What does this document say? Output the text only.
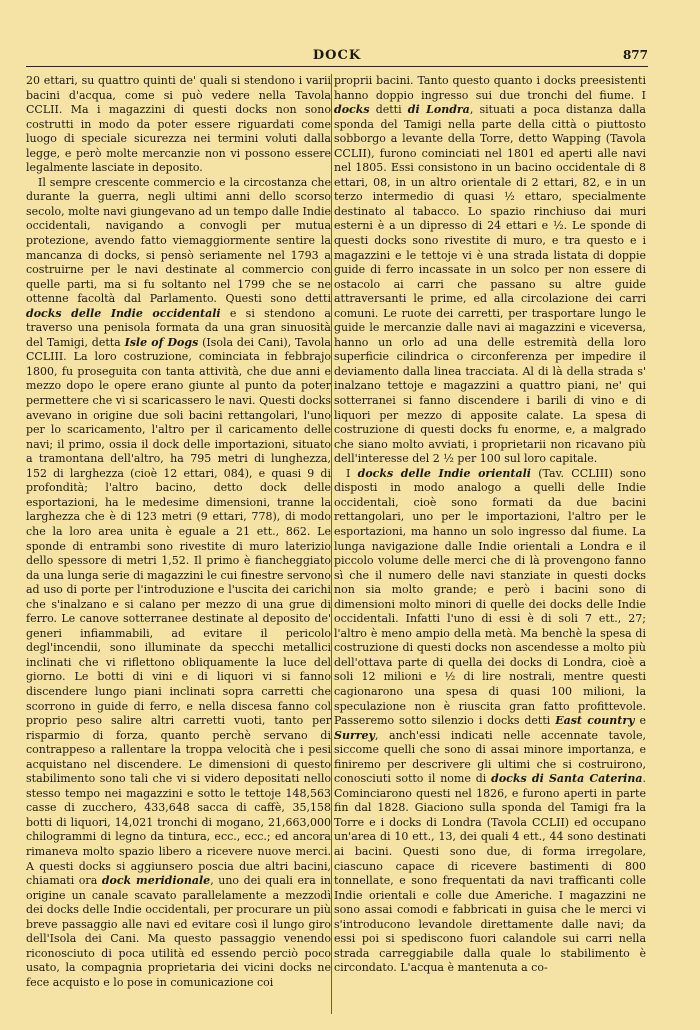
DOCK	877

20 ettari, su quattro quinti de' quali si stendono i varii bacini d'acqua, come si può vedere nella Tavola CCLII. Ma i magazzini di questi docks non sono costrutti in modo da poter essere riguardati come luogo di speciale sicurezza nei termini voluti dalla legge, e però molte mercanzie non vi possono essere legalmente lasciate in deposito.

Il sempre crescente commercio e la circostanza che durante la guerra, negli ultimi anni dello scorso secolo, molte navi giungevano ad un tempo dalle Indie occidentali, navigando a convogli per mutua protezione, avendo fatto viemaggiormente sentire la mancanza di docks, si pensò seriamente nel 1793 a costruirne per le navi destinate al commercio con quelle parti, ma si fu soltanto nel 1799 che se ne ottenne facoltà dal Parlamento. Questi sono detti docks delle Indie occidentali e si stendono a traverso una penisola formata da una gran sinuosità del Tamigi, detta Isle of Dogs (Isola dei Cani), Tavola CCLIII. La loro costruzione, cominciata in febbrajo 1800, fu proseguita con tanta attività, che due anni e mezzo dopo le opere erano giunte al punto da poter permettere che vi si scaricassero le navi. Questi docks avevano in origine due soli bacini rettangolari, l'uno per lo scaricamento, l'altro per il caricamento delle navi; il primo, ossia il dock delle importazioni, situato a tramontana dell'altro, ha 795 metri di lunghezza, 152 di larghezza (cioè 12 ettari, 084), e quasi 9 di profondità; l'altro bacino, detto dock delle esportazioni, ha le medesime dimensioni, tranne la larghezza che è di 123 metri (9 ettari, 778), di modo che la loro area unita è eguale a 21 ett., 862. Le sponde di entrambi sono rivestite di muro laterizio dello spessore di metri 1,52. Il primo è fiancheggiato da una lunga serie di magazzini le cui finestre servono ad uso di porte per l'introduzione e l'uscita dei carichi che s'inalzano e si calano per mezzo di una grue di ferro. Le canove sotterranee destinate al deposito de' generi infiammabili, ad evitare il pericolo degl'incendii, sono illuminate da specchi metallici inclinati che vi riflettono obliquamente la luce del giorno. Le botti di vini e di liquori vi si fanno discendere lungo piani inclinati sopra carretti che scorrono in guide di ferro, e nella discesa fanno col proprio peso salire altri carretti vuoti, tanto per risparmio di forza, quanto perchè servano di contrappeso a rallentare la troppa velocità che i pesi acquistano nel discendere. Le dimensioni di questo stabilimento sono tali che vi si videro depositati nello stesso tempo nei magazzini e sotto le tettoje 148,563 casse di zucchero, 433,648 sacca di caffè, 35,158 botti di liquori, 14,021 tronchi di mogano, 21,663,000 chilogrammi di legno da tintura, ecc., ecc.; ed ancora rimaneva molto spazio libero a ricevere nuove merci. A questi docks si aggiunsero poscia due altri bacini, chiamati ora dock meridionale, uno dei quali era in origine un canale scavato parallelamente a mezzodì dei docks delle Indie occidentali, per procurare un più breve passaggio alle navi ed evitare così il lungo giro dell'Isola dei Cani. Ma questo passaggio venendo riconosciuto di poca utilità ed essendo perciò poco usato, la compagnia proprietaria dei vicini docks ne fece acquisto e lo pose in comunicazione coi

proprii bacini. Tanto questo quanto i docks preesistenti hanno doppio ingresso sui due tronchi del fiume. I docks detti di Londra, situati a poca distanza dalla sponda del Tamigi nella parte della città o piuttosto sobborgo a levante della Torre, detto Wapping (Tavola CCLII), furono cominciati nel 1801 ed aperti alle navi nel 1805. Essi consistono in un bacino occidentale di 8 ettari, 08, in un altro orientale di 2 ettari, 82, e in un terzo intermedio di quasi ½ ettaro, specialmente destinato al tabacco. Lo spazio rinchiuso dai muri esterni è a un dipresso di 24 ettari e ½. Le sponde di questi docks sono rivestite di muro, e tra questo e i magazzini e le tettoje vi è una strada listata di doppie guide di ferro incassate in un solco per non essere di ostacolo ai carri che passano su altre guide attraversanti le prime, ed alla circolazione dei carri comuni. Le ruote dei carretti, per trasportare lungo le guide le mercanzie dalle navi ai magazzini e viceversa, hanno un orlo ad una delle estremità della loro superficie cilindrica o circonferenza per impedire il deviamento dalla linea tracciata. Al di là della strada s' inalzano tettoje e magazzini a quattro piani, ne' qui sotterranei si fanno discendere i barili di vino e di liquori per mezzo di apposite calate. La spesa di costruzione di questi docks fu enorme, e, a malgrado che siano molto avviati, i proprietarii non ricavano più dell'interesse del 2 ½ per 100 sul loro capitale.

I docks delle Indie orientali (Tav. CCLIII) sono disposti in modo analogo a quelli delle Indie occidentali, cioè sono formati da due bacini rettangolari, uno per le importazioni, l'altro per le esportazioni, ma hanno un solo ingresso dal fiume. La lunga navigazione dalle Indie orientali a Londra e il piccolo volume delle merci che di là provengono fanno sì che il numero delle navi stanziate in questi docks non sia molto grande; e però i bacini sono di dimensioni molto minori di quelle dei docks delle Indie occidentali. Infatti l'uno di essi è di soli 7 ett., 27; l'altro è meno ampio della metà. Ma benchè la spesa di costruzione di questi docks non ascendesse a molto più dell'ottava parte di quella dei docks di Londra, cioè a soli 12 milioni e ½ di lire nostrali, mentre questi cagionarono una spesa di quasi 100 milioni, la speculazione non è riuscita gran fatto profittevole. Passeremo sotto silenzio i docks detti East country e Surrey, anch'essi indicati nelle accennate tavole, siccome quelli che sono di assai minore importanza, e finiremo per descrivere gli ultimi che si costruirono, conosciuti sotto il nome di docks di Santa Caterina. Cominciarono questi nel 1826, e furono aperti in parte fin dal 1828. Giaciono sulla sponda del Tamigi fra la Torre e i docks di Londra (Tavola CCLII) ed occupano un'area di 10 ett., 13, dei quali 4 ett., 44 sono destinati ai bacini. Questi sono due, di forma irregolare, ciascuno capace di ricevere bastimenti di 800 tonnellate, e sono frequentati da navi trafficanti colle Indie orientali e colle due Americhe. I magazzini ne sono assai comodi e fabbricati in guisa che le merci vi s'introducono levandole direttamente dalle navi; da essi poi si spediscono fuori calandole sui carri nella strada carreggiabile dalla quale lo stabilimento è circondato. L'acqua è mantenuta a co-
